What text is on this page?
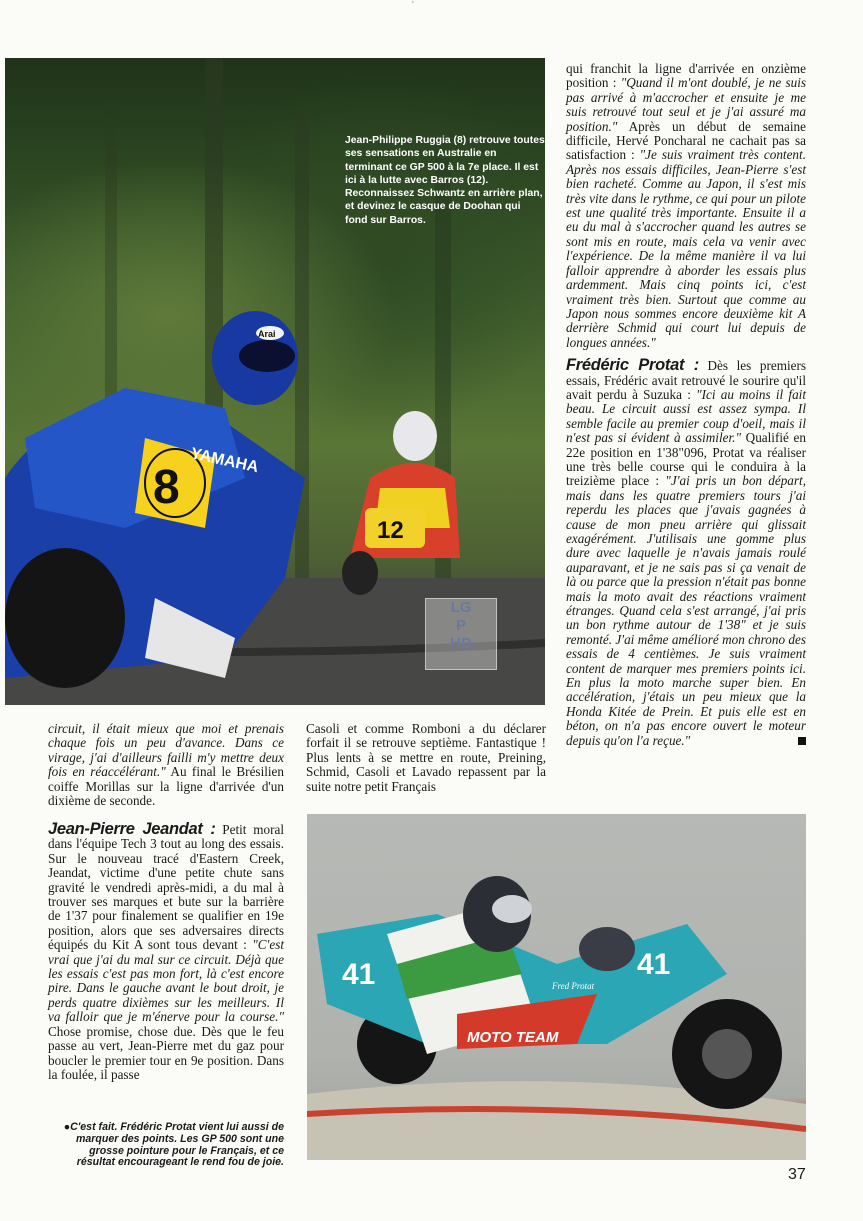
'
12
Arai
8
YAMAHA
Jean-Philippe Ruggia (8) retrouve toutes ses sensations en Australie en terminant ce GP 500 à la 7e place. Il est ici à la lutte avec Barros (12). Reconnaissez Schwantz en arrière plan, et devinez le casque de Doohan qui fond sur Barros.
LG
P
HD

qui franchit la ligne d'arrivée en onzième position : "Quand il m'ont doublé, je ne suis pas arrivé à m'accrocher et ensuite je me suis retrouvé tout seul et je j'ai assuré ma position." Après un début de semaine difficile, Hervé Poncharal ne cachait pas sa satisfaction : "Je suis vraiment très content. Après nos essais difficiles, Jean-Pierre s'est bien racheté. Comme au Japon, il s'est mis très vite dans le rythme, ce qui pour un pilote est une qualité très importante. Ensuite il a eu du mal à s'accrocher quand les autres se sont mis en route, mais cela va venir avec l'expérience. De la même manière il va lui falloir apprendre à aborder les essais plus ardemment. Mais cinq points ici, c'est vraiment très bien. Surtout que comme au Japon nous sommes encore deuxième kit A derrière Schmid qui court lui depuis de longues années."

Frédéric Protat : Dès les premiers essais, Frédéric avait retrouvé le sourire qu'il avait perdu à Suzuka : "Ici au moins il fait beau. Le circuit aussi est assez sympa. Il semble facile au premier coup d'oeil, mais il n'est pas si évident à assimiler." Qualifié en 22e position en 1'38"096, Protat va réaliser une très belle course qui le conduira à la treizième place : "J'ai pris un bon départ, mais dans les quatre premiers tours j'ai reperdu les places que j'avais gagnées à cause de mon pneu arrière qui glissait exagérément. J'utilisais une gomme plus dure avec laquelle je n'avais jamais roulé auparavant, et je ne sais pas si ça venait de là ou parce que la pression n'était pas bonne mais la moto avait des réactions vraiment étranges. Quand cela s'est arrangé, j'ai pris un bon rythme autour de 1'38" et je suis remonté. J'ai même amélioré mon chrono des essais de 4 centièmes. Je suis vraiment content de marquer mes premiers points ici. En plus la moto marche super bien. En accélération, j'étais un peu mieux que la Honda Kitée de Prein. Et puis elle est en béton, on n'a pas encore ouvert le moteur depuis qu'on l'a reçue."

circuit, il était mieux que moi et prenais chaque fois un peu d'avance. Dans ce virage, j'ai d'ailleurs failli m'y mettre deux fois en réaccélérant." Au final le Brésilien coiffe Morillas sur la ligne d'arrivée d'un dixième de seconde.

Casoli et comme Romboni a du déclarer forfait il se retrouve septième. Fantastique ! Plus lents à se mettre en route, Preining, Schmid, Casoli et Lavado repassent par la suite notre petit Français

Jean-Pierre Jeandat : Petit moral dans l'équipe Tech 3 tout au long des essais. Sur le nouveau tracé d'Eastern Creek, Jeandat, victime d'une petite chute sans gravité le vendredi après-midi, a du mal à trouver ses marques et bute sur la barrière de 1'37 pour finalement se qualifier en 19e position, alors que ses adversaires directs équipés du Kit A sont tous devant : "C'est vrai que j'ai du mal sur ce circuit. Déjà que les essais c'est pas mon fort, là c'est encore pire. Dans le gauche avant le bout droit, je perds quatre dixièmes sur les meilleurs. Il va falloir que je m'énerve pour la course." Chose promise, chose due. Dès que le feu passe au vert, Jean-Pierre met du gaz pour boucler le premier tour en 9e position. Dans la foulée, il passe

MOTO TEAM
41	41
Fred Protat
●C'est fait. Frédéric Protat vient lui aussi de marquer des points. Les GP 500 sont une grosse pointure pour le Français, et ce résultat encourageant le rend fou de joie.
37
